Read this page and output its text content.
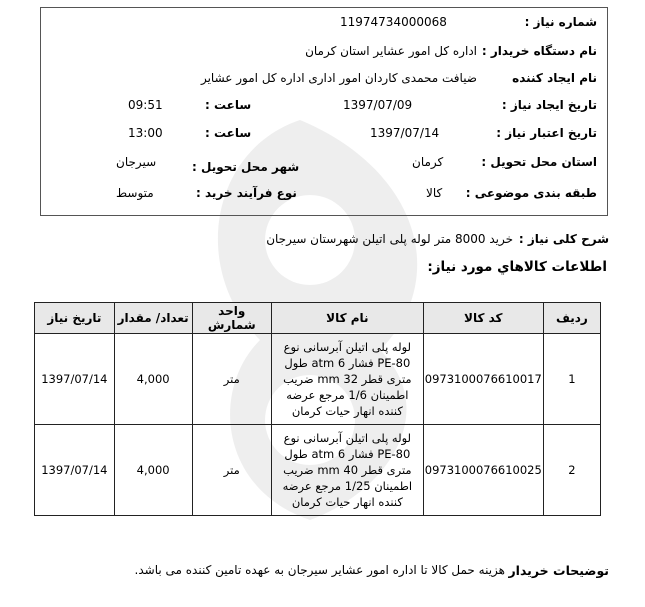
شماره نیاز :
11974734000068
نام دستگاه خریدار :
اداره کل امور عشایر استان کرمان
نام ایجاد کننده
ضیافت محمدی کاردان امور اداری اداره کل امور عشایر
تاریخ ایجاد نیاز :
1397/07/09
ساعت :
09:51
تاریخ اعتبار نیاز :
1397/07/14
ساعت :
13:00
استان محل تحویل :
کرمان
شهر محل تحویل :
سیرجان
طبقه بندی موضوعی :
کالا
نوع فرآیند خرید :
متوسط
شرح کلی نیاز :
خرید 8000 متر لوله پلی اتیلن شهرستان سیرجان
اطلاعات کالاهاي مورد نیاز:
ردیف	کد کالا	نام کالا	واحد شمارش	تعداد/ مقدار	تاریخ نیاز
1	0973100076610017	لوله پلی اتیلن آبرسانی نوع
PE-80 فشار atm 6 طول
متری قطر mm 32 ضریب
اطمینان 1/6 مرجع عرضه
کننده انهار حیات کرمان	متر	4,000	1397/07/14
2	0973100076610025	لوله پلی اتیلن آبرسانی نوع
PE-80 فشار atm 6 طول
متری قطر mm 40 ضریب
اطمینان 1/25 مرجع عرضه
کننده انهار حیات کرمان	متر	4,000	1397/07/14
توضیحات خریدار
هزینه حمل کالا تا اداره امور عشایر سیرجان به عهده تامین کننده می باشد.
